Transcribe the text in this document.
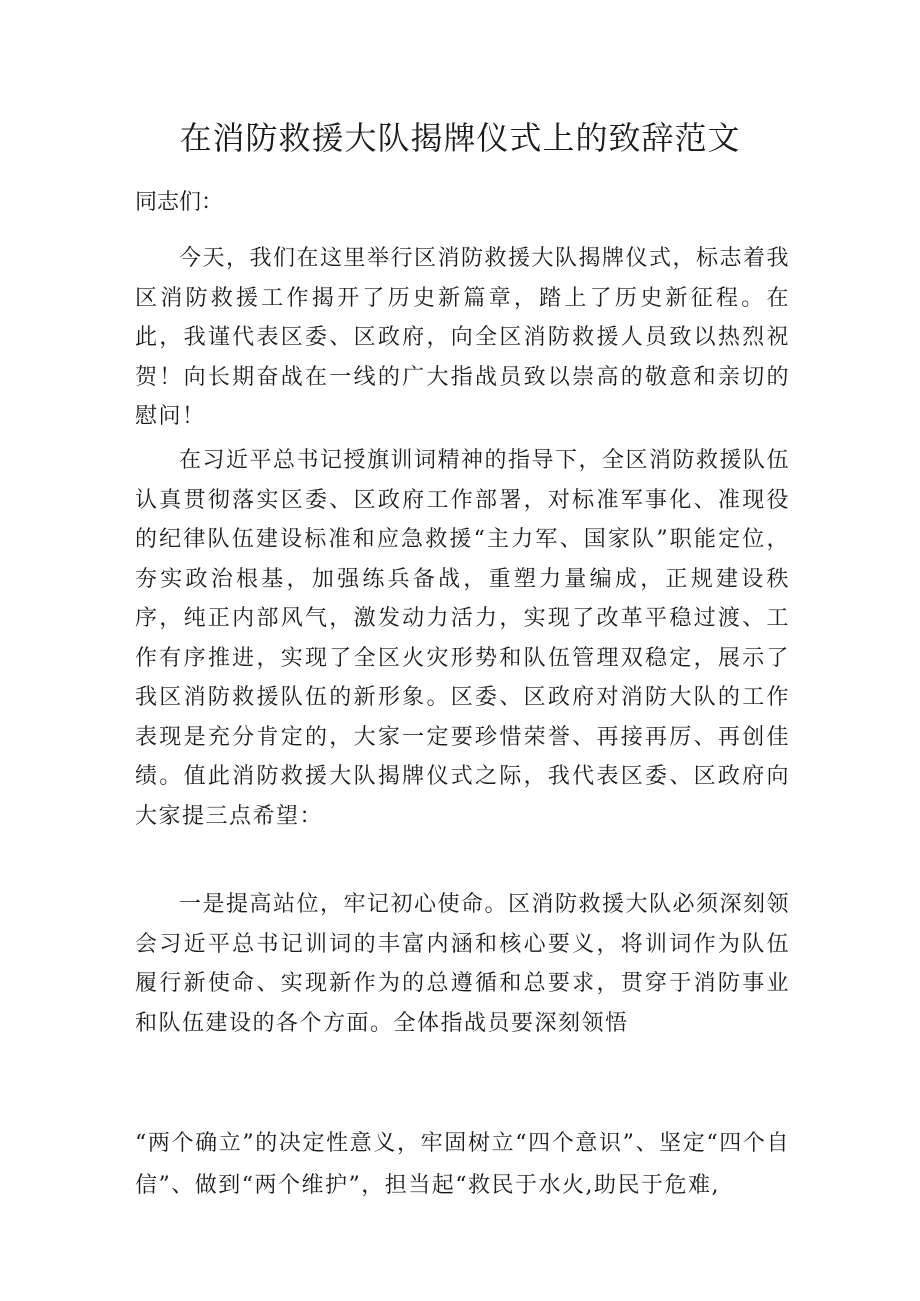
在消防救援大队揭牌仪式上的致辞范文

同志们：

今天，我们在这里举行区消防救援大队揭牌仪式，标志着我区消防救援工作揭开了历史新篇章，踏上了历史新征程。在此，我谨代表区委、区政府，向全区消防救援人员致以热烈祝贺！向长期奋战在一线的广大指战员致以崇高的敬意和亲切的慰问！

在习近平总书记授旗训词精神的指导下，全区消防救援队伍认真贯彻落实区委、区政府工作部署，对标准军事化、准现役的纪律队伍建设标准和应急救援“主力军、国家队”职能定位，夯实政治根基，加强练兵备战，重塑力量编成，正规建设秩序，纯正内部风气，激发动力活力，实现了改革平稳过渡、工作有序推进，实现了全区火灾形势和队伍管理双稳定，展示了我区消防救援队伍的新形象。区委、区政府对消防大队的工作表现是充分肯定的，大家一定要珍惜荣誉、再接再厉、再创佳绩。值此消防救援大队揭牌仪式之际，我代表区委、区政府向大家提三点希望：

一是提高站位，牢记初心使命。区消防救援大队必须深刻领会习近平总书记训词的丰富内涵和核心要义，将训词作为队伍履行新使命、实现新作为的总遵循和总要求，贯穿于消防事业和队伍建设的各个方面。全体指战员要深刻领悟

“两个确立”的决定性意义，牢固树立“四个意识”、坚定“四个自信”、做到“两个维护”，担当起“救民于水火,助民于危难,
